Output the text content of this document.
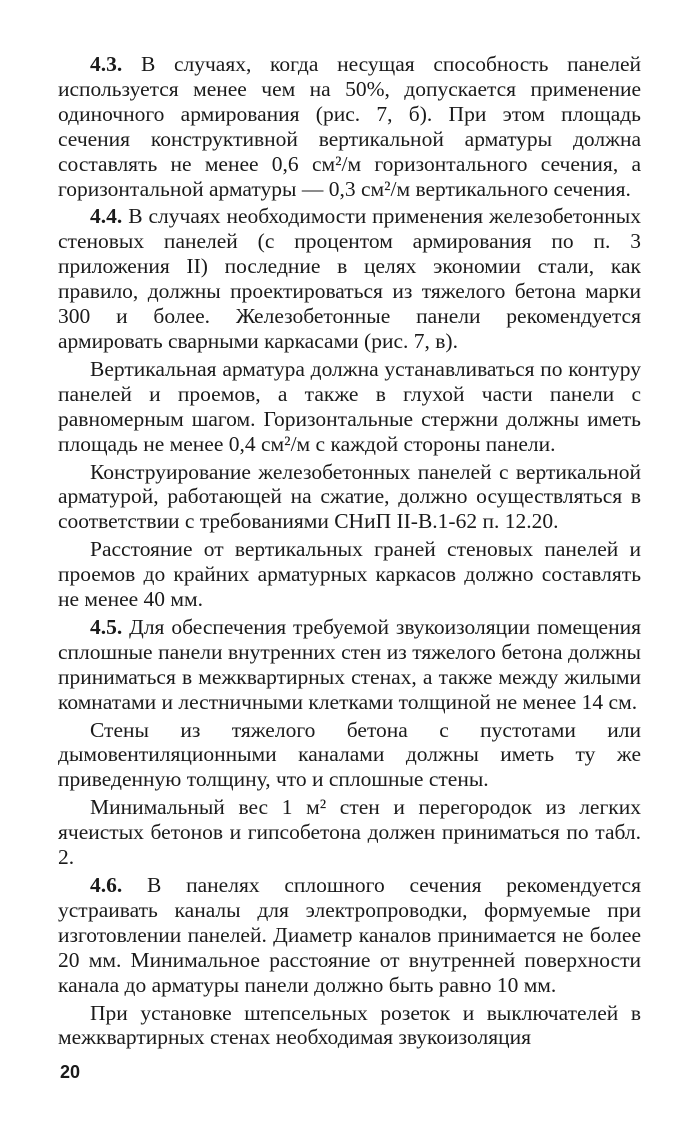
4.3. В случаях, когда несущая способность панелей используется менее чем на 50%, допускается применение одиночного армирования (рис. 7, б). При этом площадь сечения конструктивной вертикальной арматуры должна составлять не менее 0,6 см²/м горизонтального сечения, а горизонтальной арматуры — 0,3 см²/м вертикального сечения.

4.4. В случаях необходимости применения железобетонных стеновых панелей (с процентом армирования по п. 3 приложения II) последние в целях экономии стали, как правило, должны проектироваться из тяжелого бетона марки 300 и более. Железобетонные панели рекомендуется армировать сварными каркасами (рис. 7, в).

Вертикальная арматура должна устанавливаться по контуру панелей и проемов, а также в глухой части панели с равномерным шагом. Горизонтальные стержни должны иметь площадь не менее 0,4 см²/м с каждой стороны панели.

Конструирование железобетонных панелей с вертикальной арматурой, работающей на сжатие, должно осуществляться в соответствии с требованиями СНиП II-В.1-62 п. 12.20.

Расстояние от вертикальных граней стеновых панелей и проемов до крайних арматурных каркасов должно составлять не менее 40 мм.

4.5. Для обеспечения требуемой звукоизоляции помещения сплошные панели внутренних стен из тяжелого бетона должны приниматься в межквартирных стенах, а также между жилыми комнатами и лестничными клетками толщиной не менее 14 см.

Стены из тяжелого бетона с пустотами или дымовентиляционными каналами должны иметь ту же приведенную толщину, что и сплошные стены.

Минимальный вес 1 м² стен и перегородок из легких ячеистых бетонов и гипсобетона должен приниматься по табл. 2.

4.6. В панелях сплошного сечения рекомендуется устраивать каналы для электропроводки, формуемые при изготовлении панелей. Диаметр каналов принимается не более 20 мм. Минимальное расстояние от внутренней поверхности канала до арматуры панели должно быть равно 10 мм.

При установке штепсельных розеток и выключателей в межквартирных стенах необходимая звукоизоляция

20
